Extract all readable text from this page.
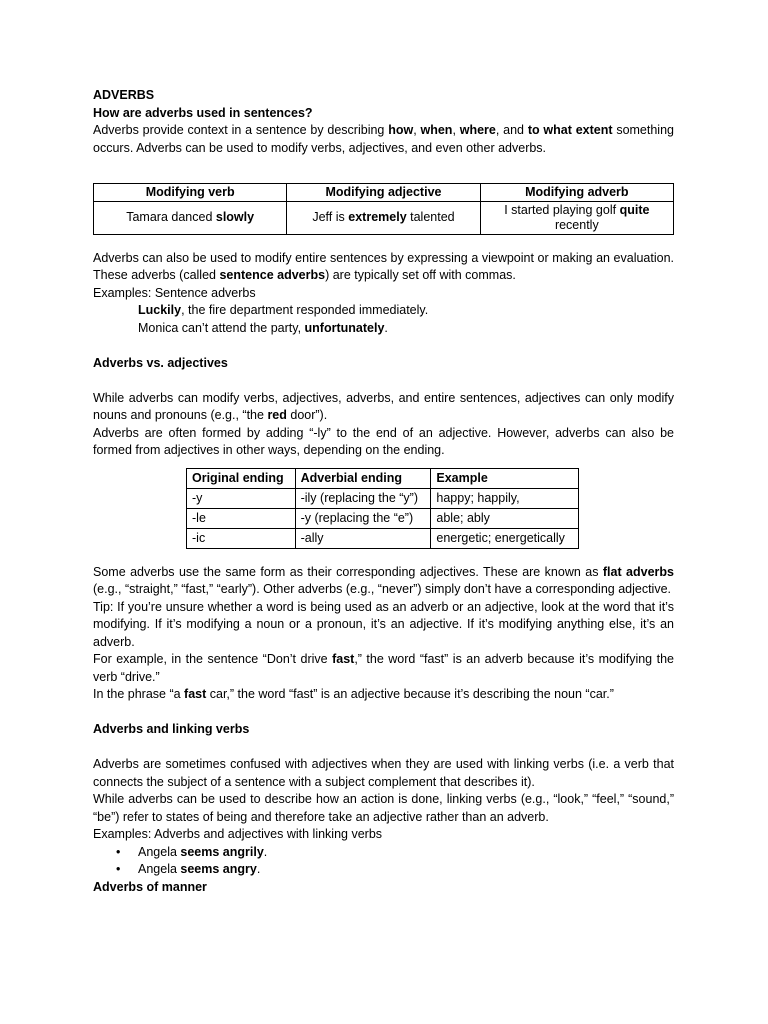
ADVERBS

How are adverbs used in sentences?

Adverbs provide context in a sentence by describing how, when, where, and to what extent something occurs. Adverbs can be used to modify verbs, adjectives, and even other adverbs.

Modifying verb	Modifying adjective	Modifying adverb
Tamara danced slowly	Jeff is extremely talented	I started playing golf quite recently

Adverbs can also be used to modify entire sentences by expressing a viewpoint or making an evaluation. These adverbs (called sentence adverbs) are typically set off with commas.

Examples: Sentence adverbs

Luckily, the fire department responded immediately.

Monica can’t attend the party, unfortunately.

Adverbs vs. adjectives

While adverbs can modify verbs, adjectives, adverbs, and entire sentences, adjectives can only modify nouns and pronouns (e.g., “the red door”).

Adverbs are often formed by adding “-ly” to the end of an adjective. However, adverbs can also be formed from adjectives in other ways, depending on the ending.

Original ending	Adverbial ending	Example
-y	-ily (replacing the “y”)	happy; happily,
-le	-y (replacing the “e”)	able; ably
-ic	-ally	energetic; energetically

Some adverbs use the same form as their corresponding adjectives. These are known as flat adverbs (e.g., “straight,” “fast,” “early”). Other adverbs (e.g., “never”) simply don’t have a corresponding adjective.

Tip: If you’re unsure whether a word is being used as an adverb or an adjective, look at the word that it’s modifying. If it’s modifying a noun or a pronoun, it’s an adjective. If it’s modifying anything else, it’s an adverb.

For example, in the sentence “Don’t drive fast,” the word “fast” is an adverb because it’s modifying the verb “drive.”

In the phrase “a fast car,” the word “fast” is an adjective because it’s describing the noun “car.”

Adverbs and linking verbs

Adverbs are sometimes confused with adjectives when they are used with linking verbs (i.e. a verb that connects the subject of a sentence with a subject complement that describes it).

While adverbs can be used to describe how an action is done, linking verbs (e.g., “look,” “feel,” “sound,” “be”) refer to states of being and therefore take an adjective rather than an adverb.

Examples: Adverbs and adjectives with linking verbs

• Angela seems angrily.
• Angela seems angry.

Adverbs of manner
